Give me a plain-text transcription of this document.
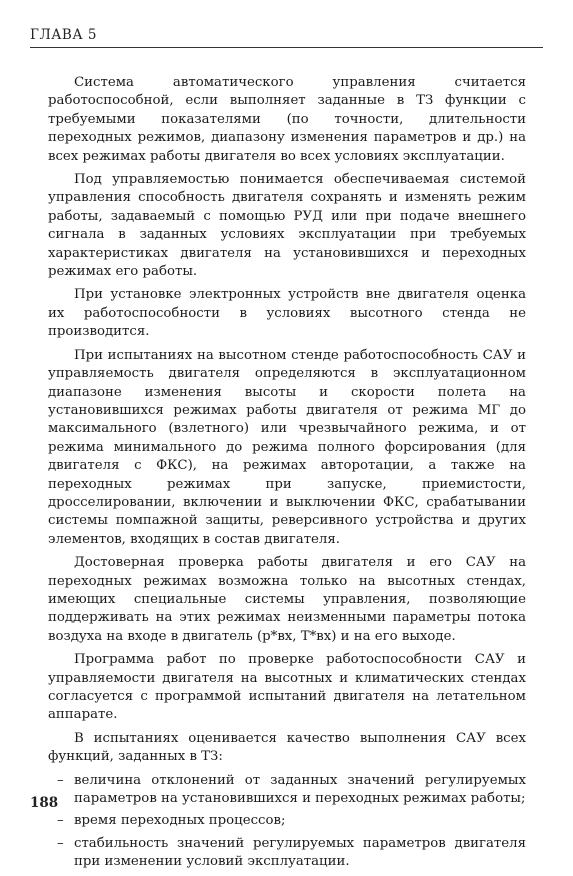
ГЛАВА 5

Система автоматического управления считается работоспособной, если выполняет заданные в ТЗ функции с требуемыми показателями (по точности, длительности переходных режимов, диапазону изменения параметров и др.) на всех режимах работы двигателя во всех условиях эксплуатации.

Под управляемостью понимается обеспечиваемая системой управления способность двигателя сохранять и изменять режим работы, задаваемый с помощью РУД или при подаче внешнего сигнала в заданных условиях эксплуатации при требуемых характеристиках двигателя на установившихся и переходных режимах его работы.

При установке электронных устройств вне двигателя оценка их работоспособности в условиях высотного стенда не производится.

При испытаниях на высотном стенде работоспособность САУ и управляемость двигателя определяются в эксплуатационном диапазоне изменения высоты и скорости полета на установившихся режимах работы двигателя от режима МГ до максимального (взлетного) или чрезвычайного режима, и от режима минимального до режима полного форсирования (для двигателя с ФКС), на режимах авторотации, а также на переходных режимах при запуске, приемистости, дросселировании, включении и выключении ФКС, срабатывании системы помпажной защиты, реверсивного устройства и других элементов, входящих в состав двигателя.

Достоверная проверка работы двигателя и его САУ на переходных режимах возможна только на высотных стендах, имеющих специальные системы управления, позволяющие поддерживать на этих режимах неизменными параметры потока воздуха на входе в двигатель (p*вх, T*вх) и на его выходе.

Программа работ по проверке работоспособности САУ и управляемости двигателя на высотных и климатических стендах согласуется с программой испытаний двигателя на летательном аппарате.

В испытаниях оценивается качество выполнения САУ всех функций, заданных в ТЗ:

– величина отклонений от заданных значений регулируемых параметров на установившихся и переходных режимах работы;
– время переходных процессов;
– стабильность значений регулируемых параметров двигателя при изменении условий эксплуатации.
188
